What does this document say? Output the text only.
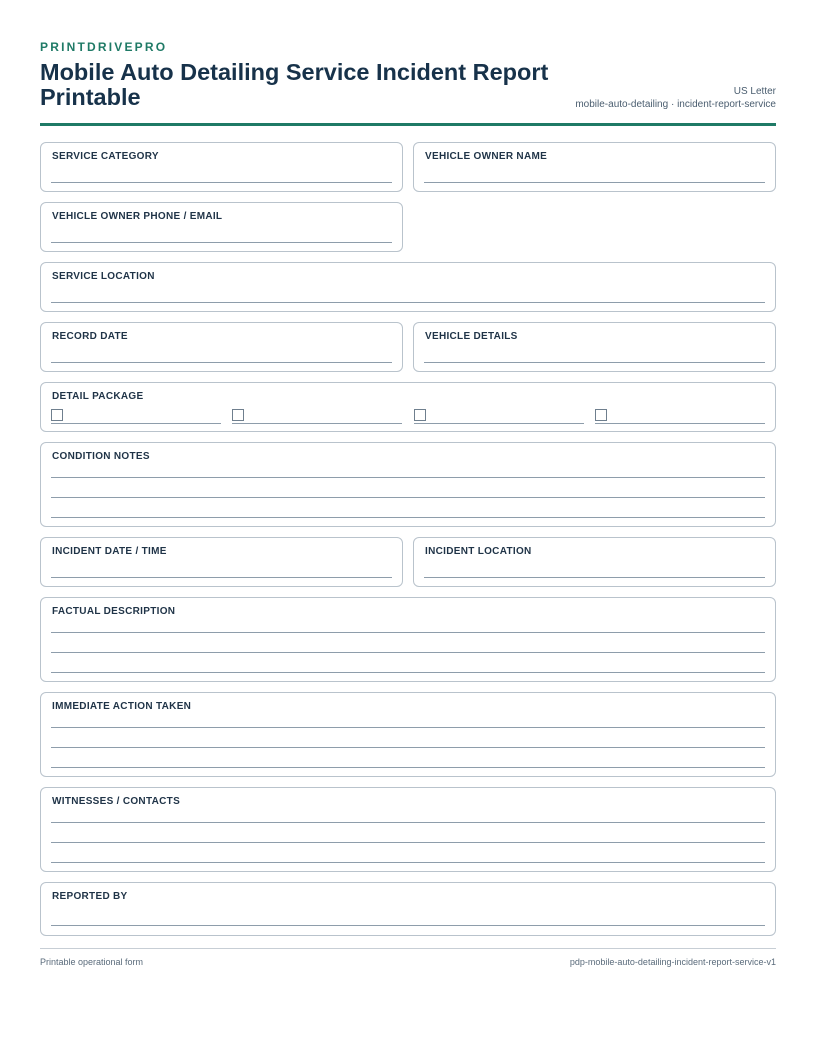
PRINTDRIVEPRO
Mobile Auto Detailing Service Incident Report Printable	US Letter
mobile-auto-detailing · incident-report-service
SERVICE CATEGORY	VEHICLE OWNER NAME
VEHICLE OWNER PHONE / EMAIL
SERVICE LOCATION
RECORD DATE	VEHICLE DETAILS
DETAIL PACKAGE
CONDITION NOTES
INCIDENT DATE / TIME	INCIDENT LOCATION
FACTUAL DESCRIPTION
IMMEDIATE ACTION TAKEN
WITNESSES / CONTACTS
REPORTED BY
Printable operational form	pdp-mobile-auto-detailing-incident-report-service-v1
